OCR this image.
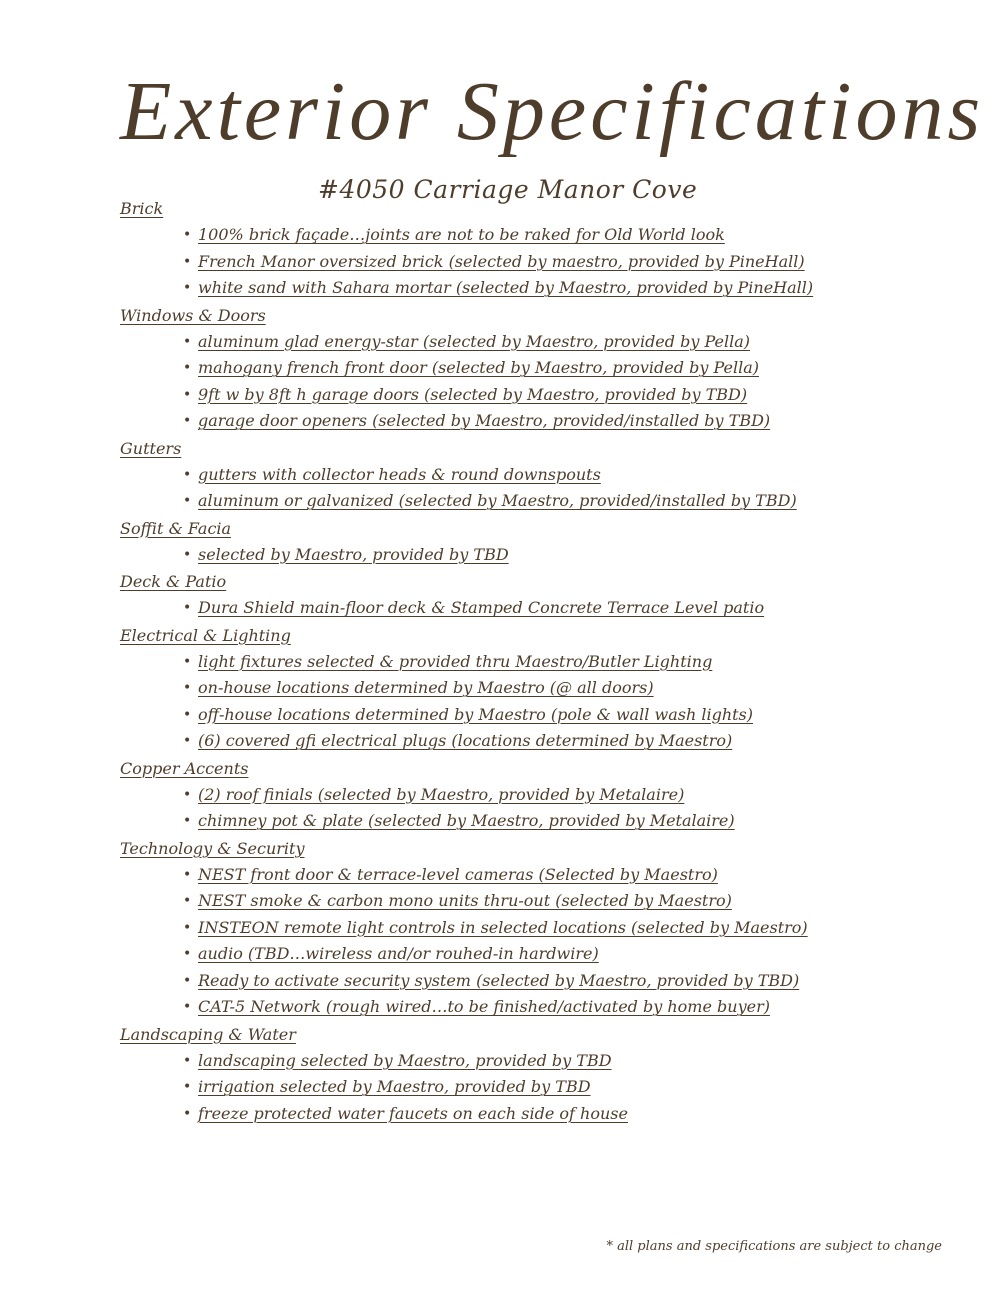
Exterior Specifications
#4050 Carriage Manor Cove
Brick
• 100% brick façade…joints are not to be raked for Old World look
• French Manor oversized brick (selected by maestro, provided by PineHall)
• white sand with Sahara mortar (selected by Maestro, provided by PineHall)
Windows & Doors
• aluminum glad energy-star (selected by Maestro, provided by Pella)
• mahogany french front door (selected by Maestro, provided by Pella)
• 9ft w by 8ft h garage doors (selected by Maestro, provided by TBD)
• garage door openers (selected by Maestro, provided/installed by TBD)
Gutters
• gutters with collector heads & round downspouts
• aluminum or galvanized (selected by Maestro, provided/installed by TBD)
Soffit & Facia
• selected by Maestro, provided by TBD
Deck & Patio
• Dura Shield main-floor deck & Stamped Concrete Terrace Level patio
Electrical & Lighting
• light fixtures selected & provided thru Maestro/Butler Lighting
• on-house locations determined by Maestro (@ all doors)
• off-house locations determined by Maestro (pole & wall wash lights)
• (6) covered gfi electrical plugs (locations determined by Maestro)
Copper Accents
• (2) roof finials (selected by Maestro, provided by Metalaire)
• chimney pot & plate (selected by Maestro, provided by Metalaire)
Technology & Security
• NEST front door & terrace-level cameras (Selected by Maestro)
• NEST smoke & carbon mono units thru-out (selected by Maestro)
• INSTEON remote light controls in selected locations (selected by Maestro)
• audio (TBD…wireless and/or rouhed-in hardwire)
• Ready to activate security system (selected by Maestro, provided by TBD)
• CAT-5 Network (rough wired…to be finished/activated by home buyer)
Landscaping & Water
• landscaping selected by Maestro, provided by TBD
• irrigation selected by Maestro, provided by TBD
• freeze protected water faucets on each side of house
* all plans and specifications are subject to change
